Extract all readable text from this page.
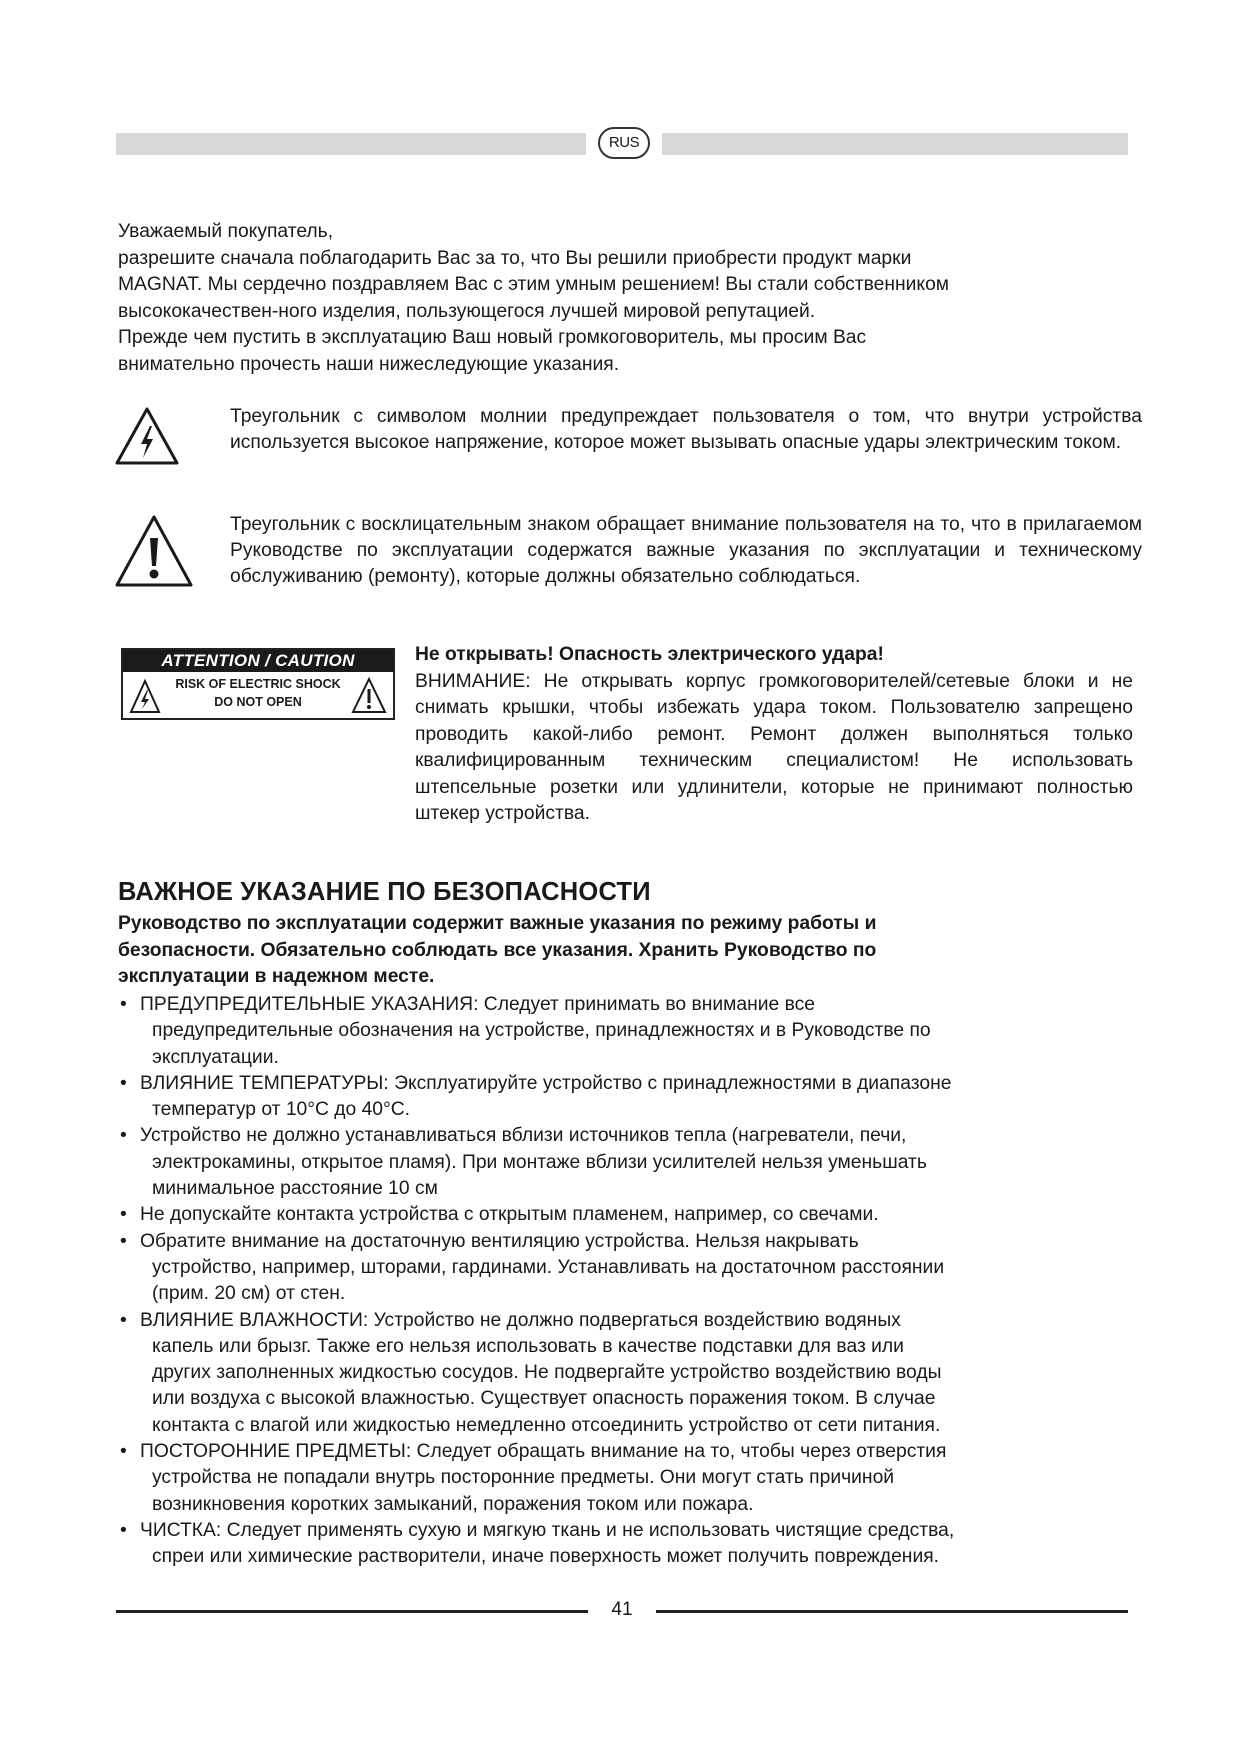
RUS
Уважаемый покупатель,
разрешите сначала поблагодарить Вас за то, что Вы решили приобрести продукт марки
MAGNAT. Мы сердечно поздравляем Вас с этим умным решением! Вы стали собственником
высококачествен-ного изделия, пользующегося лучшей мировой репутацией.
Прежде чем пустить в эксплуатацию Ваш новый громкоговоритель, мы просим Вас
внимательно прочесть наши нижеследующие указания.
Треугольник с символом молнии предупреждает пользователя о том, что внутри устройства используется высокое напряжение, которое может вызывать опасные удары электрическим током.
Треугольник с восклицательным знаком обращает внимание пользователя на то, что в прилагаемом Руководстве по эксплуатации содержатся важные указания по эксплуатации и техническому обслуживанию (ремонту), которые должны обязательно соблюдаться.
ATTENTION / CAUTION
RISK OF ELECTRIC SHOCK
DO NOT OPEN
Не открывать! Опасность электрического удара!
ВНИМАНИЕ: Не открывать корпус громкоговорителей/сетевые блоки и не снимать крышки, чтобы избежать удара током. Пользователю запрещено проводить какой-либо ремонт. Ремонт должен выполняться только квалифицированным техническим специалистом! Не использовать штепсельные розетки или удлинители, которые не принимают полностью штекер устройства.
ВАЖНОЕ УКАЗАНИЕ ПО БЕЗОПАСНОСТИ
Руководство по эксплуатации содержит важные указания по режиму работы и
безопасности. Обязательно соблюдать все указания. Хранить Руководство по
эксплуатации в надежном месте.
• ПРЕДУПРЕДИТЕЛЬНЫЕ УКАЗАНИЯ: Следует принимать во внимание все
предупредительные обозначения на устройстве, принадлежностях и в Руководстве по
эксплуатации.
• ВЛИЯНИЕ ТЕМПЕРАТУРЫ: Эксплуатируйте устройство с принадлежностями в диапазоне
температур от 10°С до 40°С.
• Устройство не должно устанавливаться вблизи источников тепла (нагреватели, печи,
электрокамины, открытое пламя). При монтаже вблизи усилителей нельзя уменьшать
минимальное расстояние 10 см
• Не допускайте контакта устройства с открытым пламенем, например, со свечами.
• Обратите внимание на достаточную вентиляцию устройства. Нельзя накрывать
устройство, например, шторами, гардинами. Устанавливать на достаточном расстоянии
(прим. 20 см) от стен.
• ВЛИЯНИЕ ВЛАЖНОСТИ: Устройство не должно подвергаться воздействию водяных
капель или брызг. Также его нельзя использовать в качестве подставки для ваз или
других заполненных жидкостью сосудов. Не подвергайте устройство воздействию воды
или воздуха с высокой влажностью. Существует опасность поражения током. В случае
контакта с влагой или жидкостью немедленно отсоединить устройство от сети питания.
• ПОСТОРОННИЕ ПРЕДМЕТЫ: Следует обращать внимание на то, чтобы через отверстия
устройства не попадали внутрь посторонние предметы. Они могут стать причиной
возникновения коротких замыканий, поражения током или пожара.
• ЧИСТКА: Следует применять сухую и мягкую ткань и не использовать чистящие средства,
спреи или химические растворители, иначе поверхность может получить повреждения.
41
